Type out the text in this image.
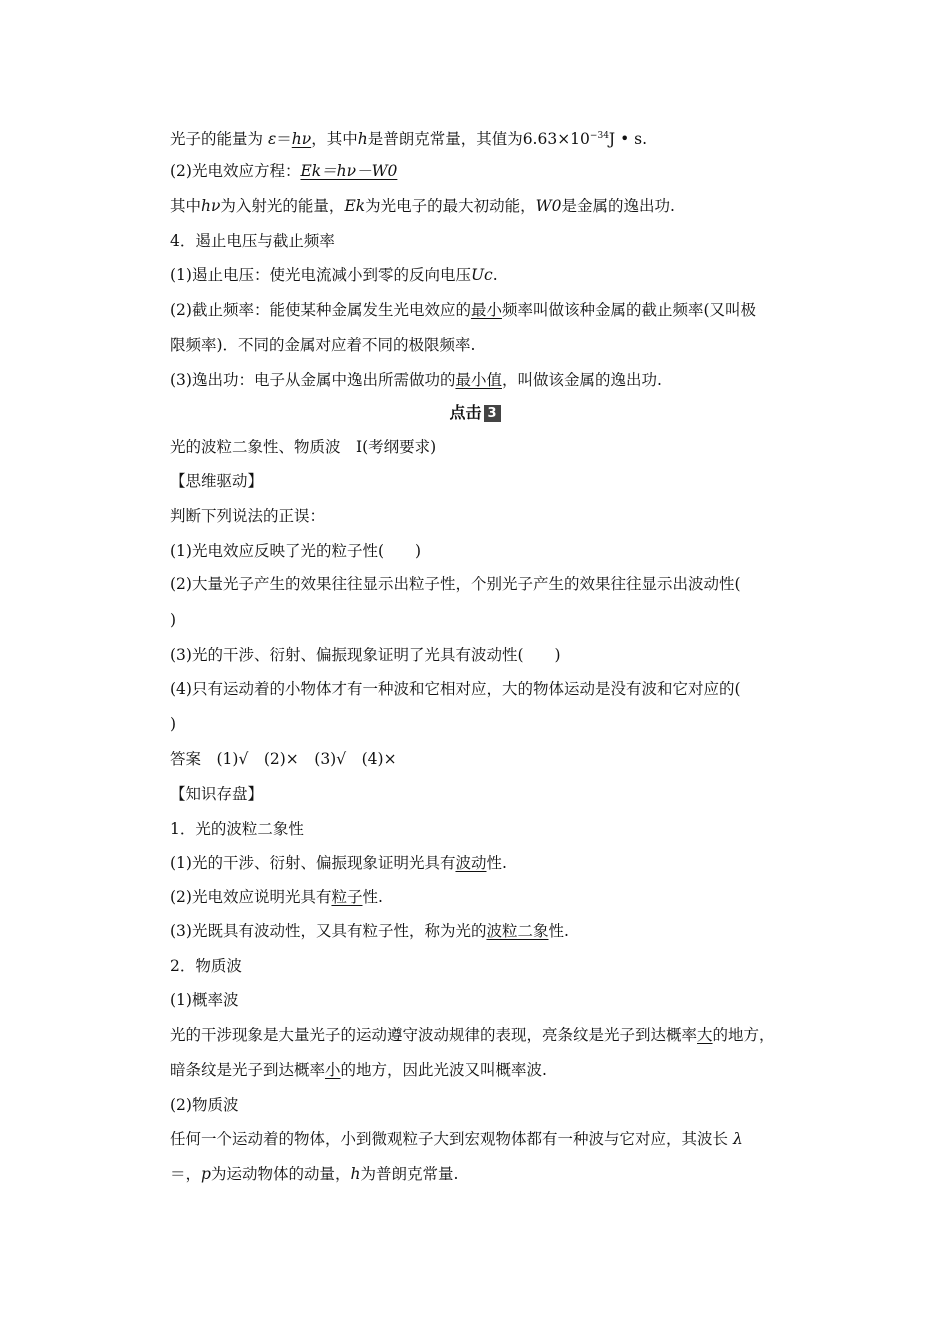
光子的能量为 ε＝hν，其中h是普朗克常量，其值为$6.63\times 10^{-34}J$ • s.
(2)光电效应方程：Ek＝hν－W0
其中hν为入射光的能量，Ek为光电子的最大初动能，W0是金属的逸出功.
4．遏止电压与截止频率
(1)遏止电压：使光电流减小到零的反向电压Uc.
(2)截止频率：能使某种金属发生光电效应的最小频率叫做该种金属的截止频率(又叫极
限频率)．不同的金属对应着不同的极限频率.
(3)逸出功：电子从金属中逸出所需做功的最小值，叫做该金属的逸出功.
点击 3
光的波粒二象性、物质波　Ⅰ(考纲要求)
【思维驱动】
判断下列说法的正误：
(1)光电效应反映了光的粒子性(　　)
(2)大量光子产生的效果往往显示出粒子性，个别光子产生的效果往往显示出波动性(
)
(3)光的干涉、衍射、偏振现象证明了光具有波动性(　　)
(4)只有运动着的小物体才有一种波和它相对应，大的物体运动是没有波和它对应的(
)
答案　(1)√　(2)×　(3)√　(4)×
【知识存盘】
1．光的波粒二象性
(1)光的干涉、衍射、偏振现象证明光具有波动性.
(2)光电效应说明光具有粒子性.
(3)光既具有波动性，又具有粒子性，称为光的波粒二象性.
2．物质波
(1)概率波
光的干涉现象是大量光子的运动遵守波动规律的表现，亮条纹是光子到达概率大的地方，
暗条纹是光子到达概率小的地方，因此光波又叫概率波.
(2)物质波
任何一个运动着的物体，小到微观粒子大到宏观物体都有一种波与它对应，其波长 λ
＝，p为运动物体的动量，h为普朗克常量.
